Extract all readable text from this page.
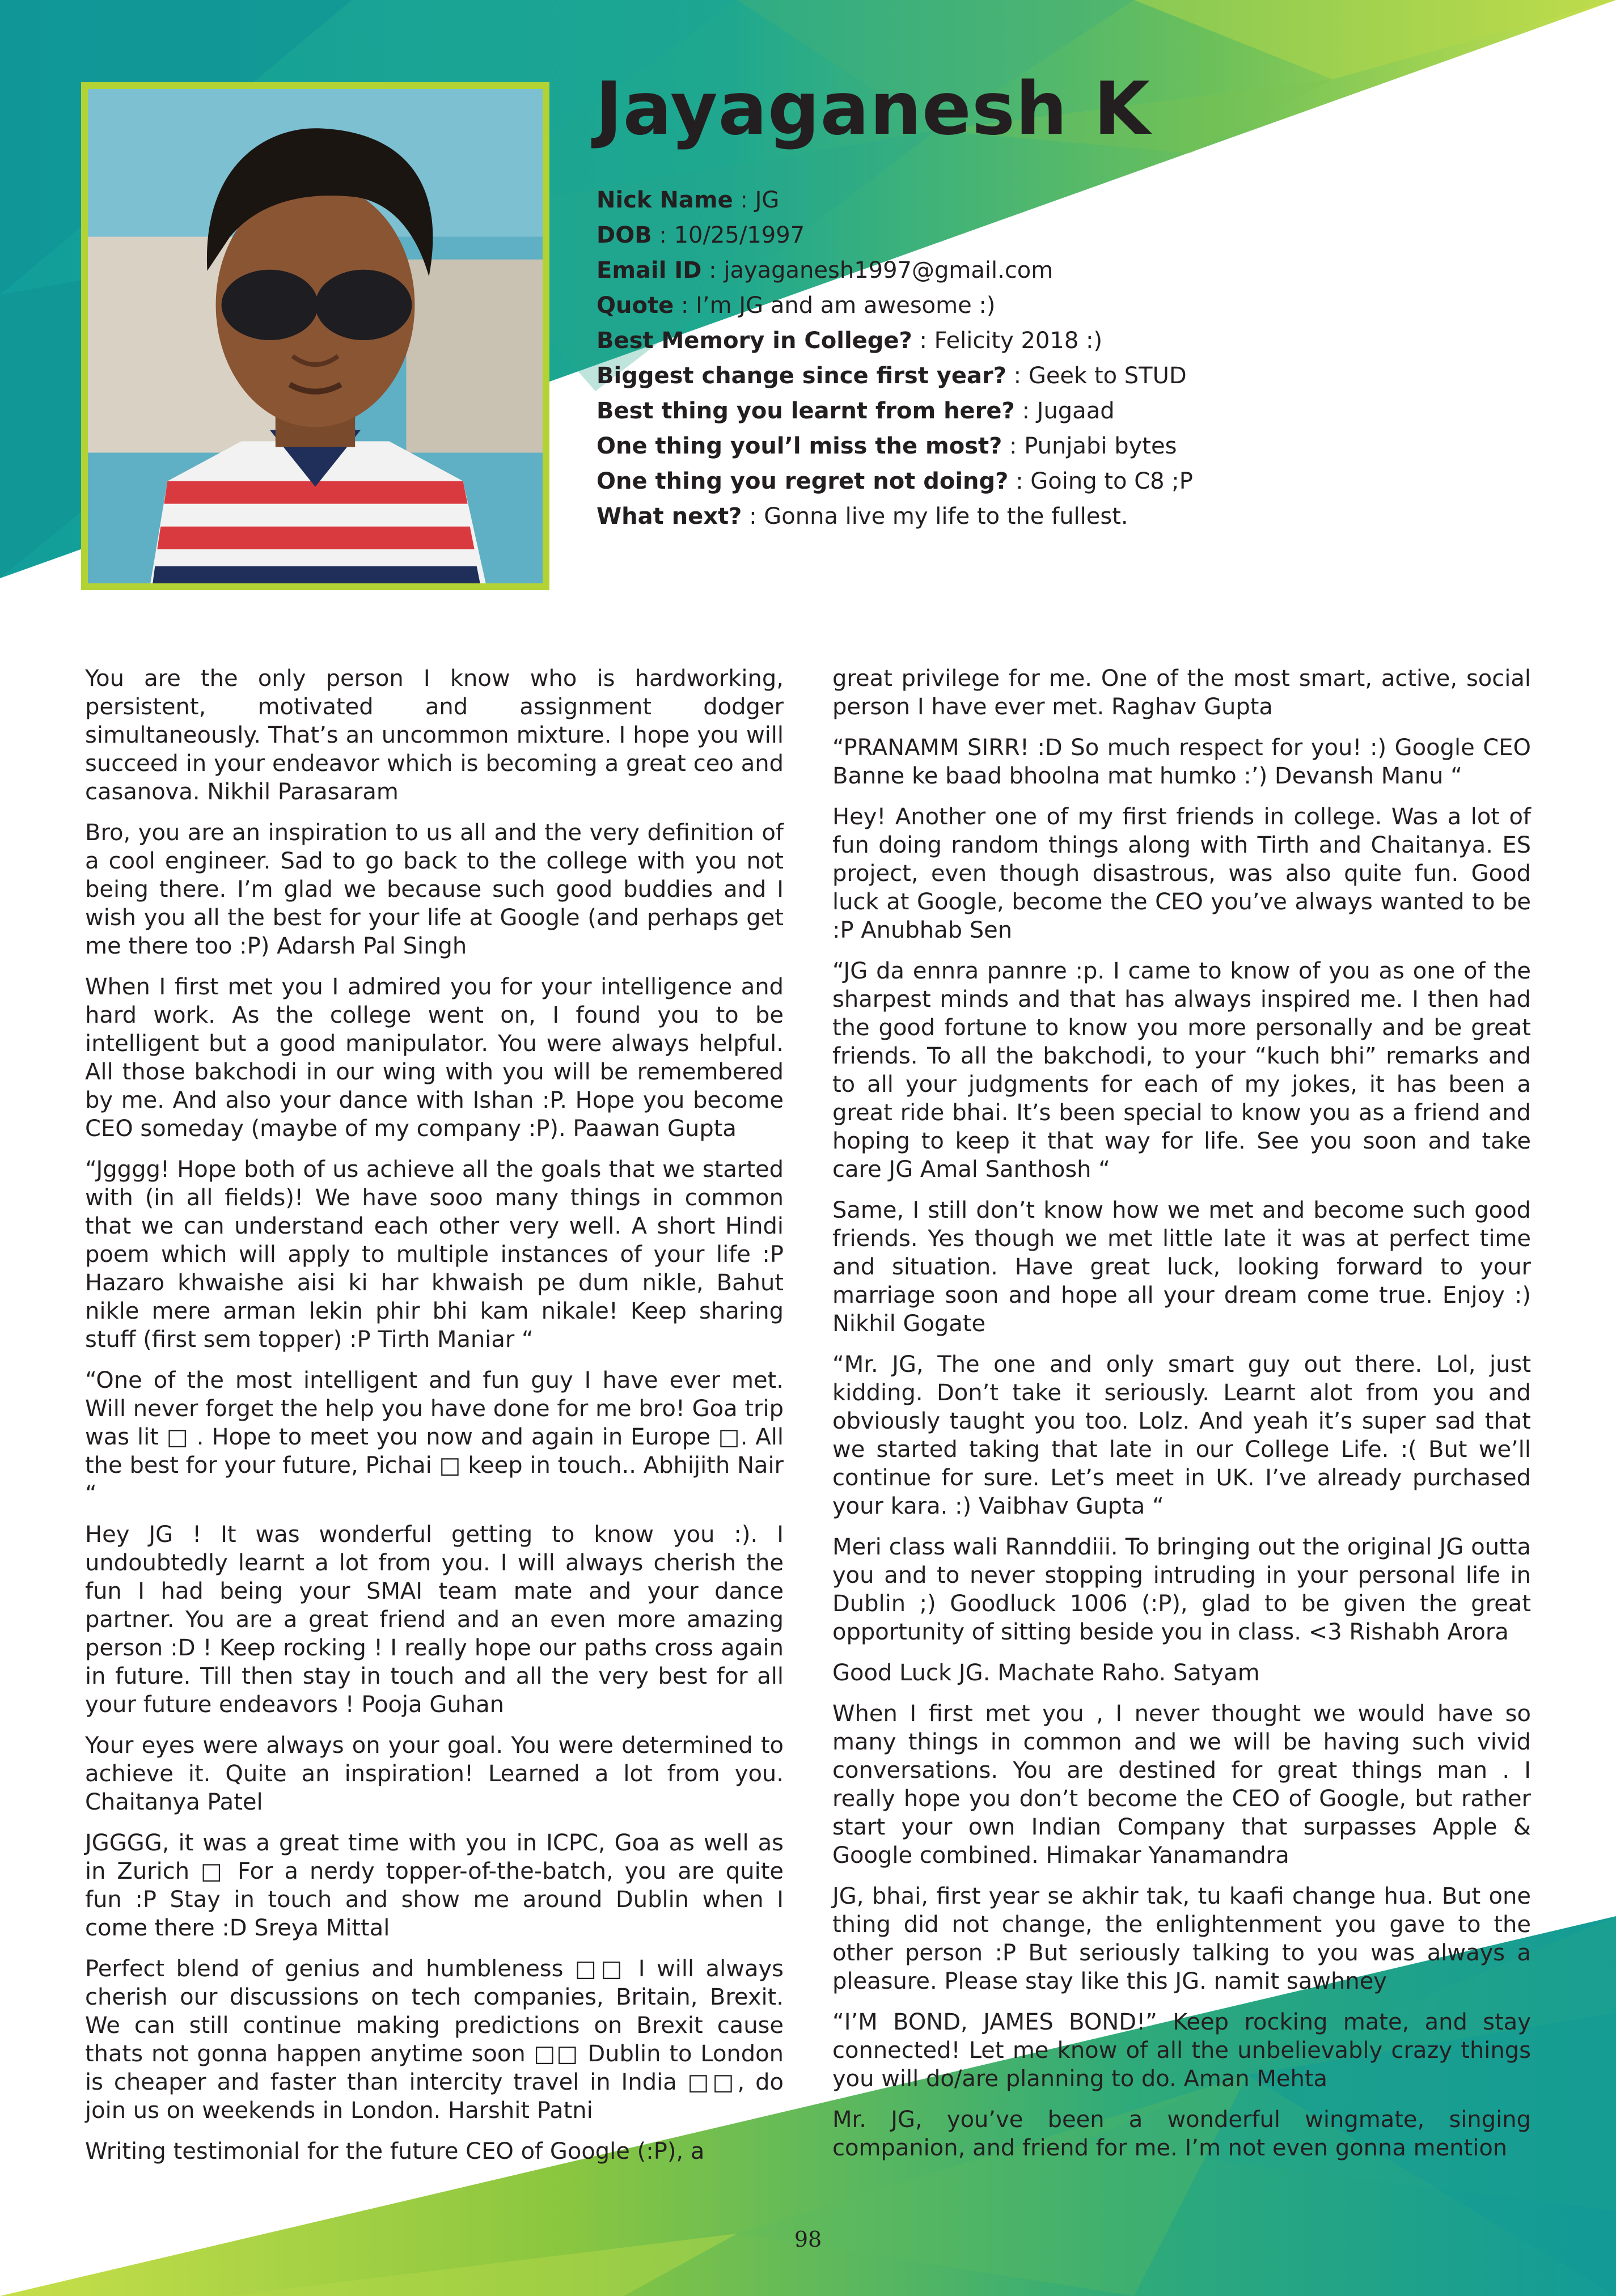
Jayaganesh K
Nick Name : JG
DOB : 10/25/1997
Email ID : jayaganesh1997@gmail.com
Quote : I’m JG and am awesome :)
Best Memory in College? : Felicity 2018 :)
Biggest change since first year? : Geek to STUD
Best thing you learnt from here? : Jugaad
One thing youl’l miss the most? : Punjabi bytes
One thing you regret not doing? : Going to C8 ;P
What next? : Gonna live my life to the fullest.

You are the only person I know who is hardworking, persistent, motivated and assignment dodger simultaneously. That’s an uncommon mixture. I hope you will succeed in your endeavor which is becoming a great ceo and casanova. Nikhil Parasaram

Bro, you are an inspiration to us all and the very definition of a cool engineer. Sad to go back to the college with you not being there. I’m glad we because such good buddies and I wish you all the best for your life at Google (and perhaps get me there too :P) Adarsh Pal Singh

When I first met you I admired you for your intelligence and hard work. As the college went on, I found you to be intelligent but a good manipulator. You were always helpful. All those bakchodi in our wing with you will be remembered by me. And also your dance with Ishan :P. Hope you become CEO someday (maybe of my company :P). Paawan Gupta

“Jgggg! Hope both of us achieve all the goals that we started with (in all fields)! We have sooo many things in common that we can understand each other very well. A short Hindi poem which will apply to multiple instances of your life :P Hazaro khwaishe aisi ki har khwaish pe dum nikle, Bahut nikle mere arman lekin phir bhi kam nikale! Keep sharing stuff (first sem topper) :P Tirth Maniar “

“One of the most intelligent and fun guy I have ever met. Will never forget the help you have done for me bro! Goa trip was lit □ . Hope to meet you now and again in Europe □. All the best for your future, Pichai □ keep in touch.. Abhijith Nair “

Hey JG ! It was wonderful getting to know you :). I undoubtedly learnt a lot from you. I will always cherish the fun I had being your SMAI team mate and your dance partner. You are a great friend and an even more amazing person :D ! Keep rocking ! I really hope our paths cross again in future. Till then stay in touch and all the very best for all your future endeavors ! Pooja Guhan

Your eyes were always on your goal. You were determined to achieve it. Quite an inspiration! Learned a lot from you. Chaitanya Patel

JGGGG, it was a great time with you in ICPC, Goa as well as in Zurich □ For a nerdy topper-of-the-batch, you are quite fun :P Stay in touch and show me around Dublin when I come there :D Sreya Mittal

Perfect blend of genius and humbleness □□ I will always cherish our discussions on tech companies, Britain, Brexit. We can still continue making predictions on Brexit cause thats not gonna happen anytime soon □□ Dublin to London is cheaper and faster than intercity travel in India □□, do join us on weekends in London. Harshit Patni

Writing testimonial for the future CEO of Google (:P), a

great privilege for me. One of the most smart, active, social person I have ever met. Raghav Gupta

“PRANAMM SIRR! :D So much respect for you! :) Google CEO Banne ke baad bhoolna mat humko :’) Devansh Manu “

Hey! Another one of my first friends in college. Was a lot of fun doing random things along with Tirth and Chaitanya. ES project, even though disastrous, was also quite fun. Good luck at Google, become the CEO you’ve always wanted to be :P Anubhab Sen

“JG da ennra pannre :p. I came to know of you as one of the sharpest minds and that has always inspired me. I then had the good fortune to know you more personally and be great friends. To all the bakchodi, to your “kuch bhi” remarks and to all your judgments for each of my jokes, it has been a great ride bhai. It’s been special to know you as a friend and hoping to keep it that way for life. See you soon and take care JG Amal Santhosh “

Same, I still don’t know how we met and become such good friends. Yes though we met little late it was at perfect time and situation. Have great luck, looking forward to your marriage soon and hope all your dream come true. Enjoy :) Nikhil Gogate

“Mr. JG, The one and only smart guy out there. Lol, just kidding. Don’t take it seriously. Learnt alot from you and obviously taught you too. Lolz. And yeah it’s super sad that we started taking that late in our College Life. :( But we’ll continue for sure. Let’s meet in UK. I’ve already purchased your kara. :) Vaibhav Gupta “

Meri class wali Rannddiii. To bringing out the original JG outta you and to never stopping intruding in your personal life in Dublin ;) Goodluck 1006 (:P), glad to be given the great opportunity of sitting beside you in class. <3 Rishabh Arora

Good Luck JG. Machate Raho. Satyam

When I first met you , I never thought we would have so many things in common and we will be having such vivid conversations. You are destined for great things man . I really hope you don’t become the CEO of Google, but rather start your own Indian Company that surpasses Apple & Google combined. Himakar Yanamandra

JG, bhai, first year se akhir tak, tu kaafi change hua. But one thing did not change, the enlightenment you gave to the other person :P But seriously talking to you was always a pleasure. Please stay like this JG. namit sawhney

“I’M BOND, JAMES BOND!” Keep rocking mate, and stay connected! Let me know of all the unbelievably crazy things you will do/are planning to do. Aman Mehta

Mr. JG, you’ve been a wonderful wingmate, singing companion, and friend for me. I’m not even gonna mention

98
